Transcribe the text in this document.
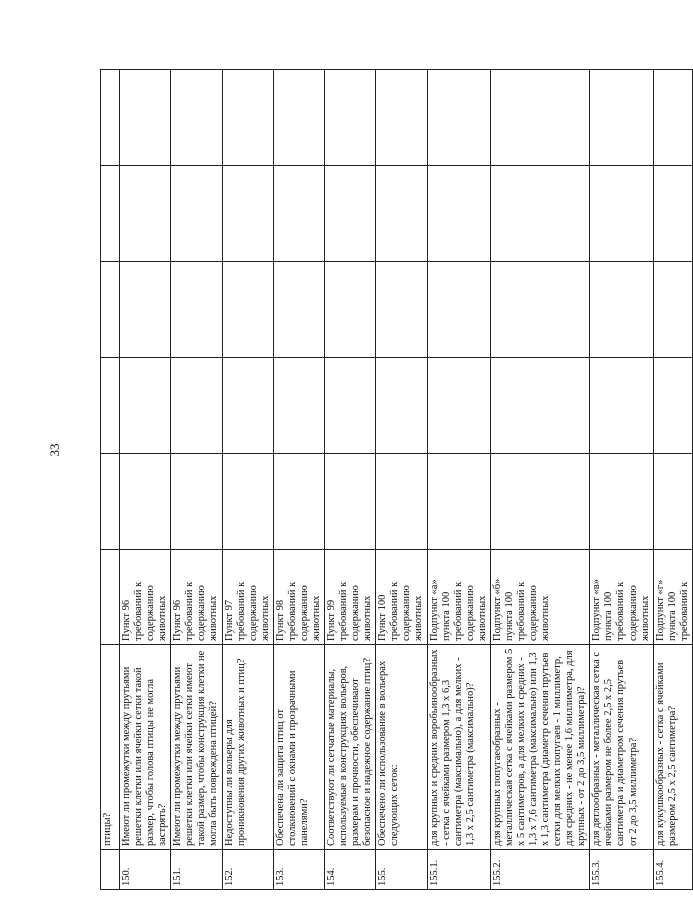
33
	птицы?						
150.	Имеют ли промежутки между прутьями решетки клетки или ячейки сетки такой размер, чтобы голова птицы не могла застрять?	Пункт 96 требований к содержанию животных					
151.	Имеют ли промежутки между прутьями решетки клетки или ячейки сетки имеют такой размер, чтобы конструкция клетки не могла быть повреждена птицей?	Пункт 96 требований к содержанию животных					
152.	Недоступны ли вольеры для проникновения других животных и птиц?	Пункт 97 требований к содержанию животных					
153.	Обеспечена ли защита птиц от столкновений с окнами и прозрачными панелями?	Пункт 98 требований к содержанию животных					
154.	Соответствуют ли сетчатые материалы, используемые в конструкциях вольеров, размерам и прочности, обеспечивают безопасное и надежное содержание птиц?	Пункт 99 требований к содержанию животных					
155.	Обеспечено ли использование в вольерах следующих сеток:	Пункт 100 требований к содержанию животных					
155.1.	для крупных и средних воробьинообразных - сетка с ячейками размером 1,3 х 6,3 сантиметра (максимально), а для мелких - 1,3 х 2,5 сантиметра (максимально)?	Подпункт «а» пункта 100 требований к содержанию животных					
155.2.	для крупных попугаеобразных - металлическая сетка с ячейками размером 5 х 5 сантиметров, а для мелких и средних - 1,3 х 7,6 сантиметра (максимально) или 1,3 х 1,3 сантиметра (диаметр сечения прутьев сетки для мелких попугаев - 1 миллиметр, для средних - не менее 1,6 миллиметра, для крупных - от 2 до 3,5 миллиметра)?	Подпункт «б» пункта 100 требований к содержанию животных					
155.3.	для дятлообразных - металлическая сетка с ячейками размером не более 2,5 х 2,5 сантиметра и диаметром сечения прутьев от 2 до 3,5 миллиметра?	Подпункт «в» пункта 100 требований к содержанию животных					
155.4.	для кукушкообразных - сетка с ячейками размером 2,5 х 2,5 сантиметра?	Подпункт «г» пункта 100 требований к					
